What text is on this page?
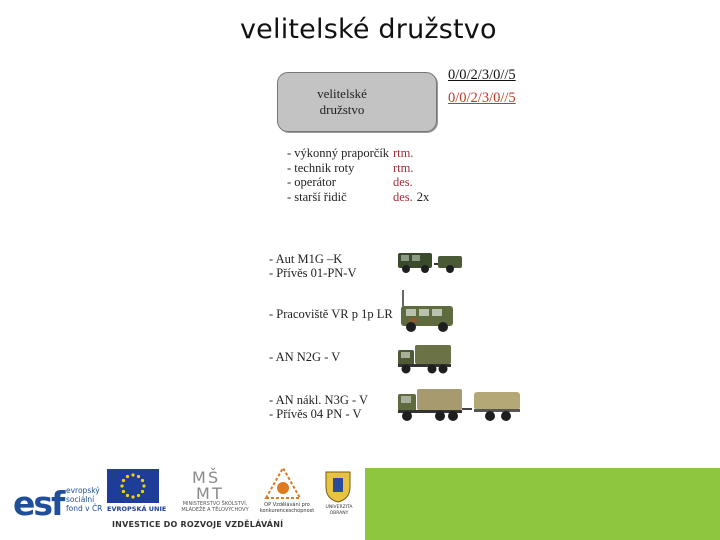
velitelské družstvo
0/0/2/3/0//5
0/0/2/3/0//5
velitelské družstvo
- výkonný praporčík rtm.
- technik roty	rtm.
- operátor	des.
- starší řidič	des. 2x
- Aut M1G –K
- Přívěs 01-PN-V
- Pracoviště VR p 1p LR
- AN N2G - V
- AN nákl. N3G - V
- Přívěs 04 PN - V
esf evropský
sociální
fond v ČR EVROPSKÁ UNIE
M Š
M T
MINISTERSTVO ŠKOLSTVÍ, MLÁDEŽE A TĚLOVÝCHOVY
OP Vzdělávání pro konkurenceschopnost
UNIVERZITA OBRANY
INVESTICE DO ROZVOJE VZDĚLÁVÁNÍ
